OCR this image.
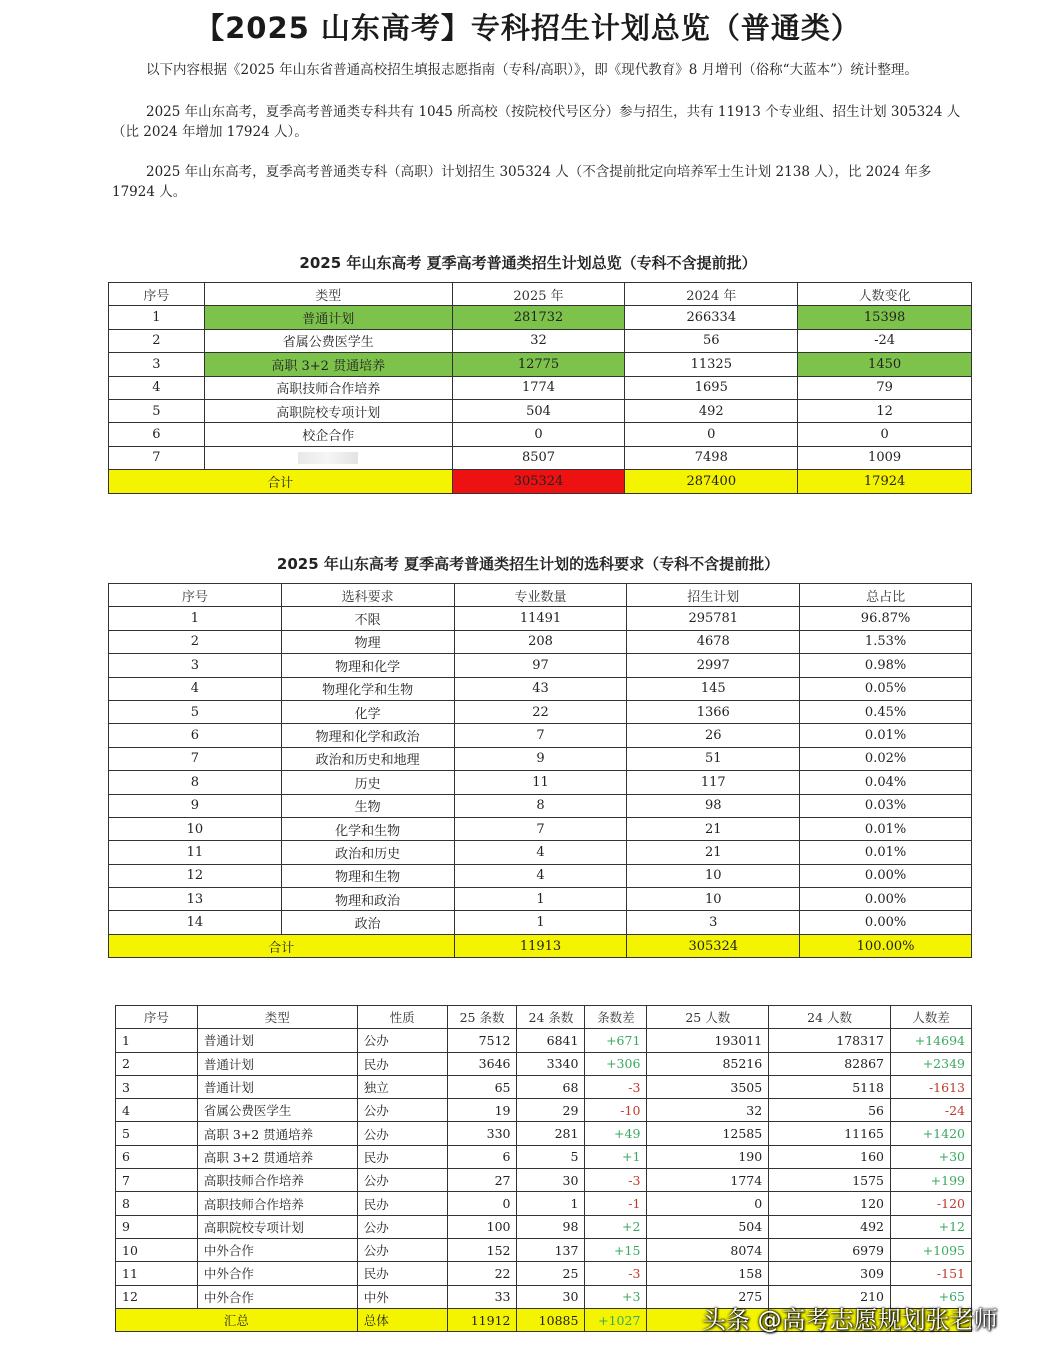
【2025 山东高考】专科招生计划总览（普通类）
以下内容根据《2025 年山东省普通高校招生填报志愿指南（专科/高职）》，即《现代教育》8 月增刊（俗称“大蓝本”）统计整理。
2025 年山东高考，夏季高考普通类专科共有 1045 所高校（按院校代号区分）参与招生，共有 11913 个专业组、招生计划 305324 人（比 2024 年增加 17924 人）。
2025 年山东高考，夏季高考普通类专科（高职）计划招生 305324 人（不含提前批定向培养军士生计划 2138 人），比 2024 年多 17924 人。
2025 年山东高考 夏季高考普通类招生计划总览（专科不含提前批）
序号	类型	2025 年	2024 年	人数变化
1	普通计划	281732	266334	15398
2	省属公费医学生	32	56	-24
3	高职 3+2 贯通培养	12775	11325	1450
4	高职技师合作培养	1774	1695	79
5	高职院校专项计划	504	492	12
6	校企合作	0	0	0
7		8507	7498	1009
合计		305324	287400	17924
2025 年山东高考 夏季高考普通类招生计划的选科要求（专科不含提前批）
序号	选科要求	专业数量	招生计划	总占比
1	不限	11491	295781	96.87%
2	物理	208	4678	1.53%
3	物理和化学	97	2997	0.98%
4	物理化学和生物	43	145	0.05%
5	化学	22	1366	0.45%
6	物理和化学和政治	7	26	0.01%
7	政治和历史和地理	9	51	0.02%
8	历史	11	117	0.04%
9	生物	8	98	0.03%
10	化学和生物	7	21	0.01%
11	政治和历史	4	21	0.01%
12	物理和生物	4	10	0.00%
13	物理和政治	1	10	0.00%
14	政治	1	3	0.00%
合计		11913	305324	100.00%
序号	类型	性质	25 条数	24 条数	条数差	25 人数	24 人数	人数差
1	普通计划	公办	7512	6841	+671	193011	178317	+14694
2	普通计划	民办	3646	3340	+306	85216	82867	+2349
3	普通计划	独立	65	68	-3	3505	5118	-1613
4	省属公费医学生	公办	19	29	-10	32	56	-24
5	高职 3+2 贯通培养	公办	330	281	+49	12585	11165	+1420
6	高职 3+2 贯通培养	民办	6	5	+1	190	160	+30
7	高职技师合作培养	公办	27	30	-3	1774	1575	+199
8	高职技师合作培养	民办	0	1	-1	0	120	-120
9	高职院校专项计划	公办	100	98	+2	504	492	+12
10	中外合作	公办	152	137	+15	8074	6979	+1095
11	中外合作	民办	22	25	-3	158	309	-151
12	中外合作	中外	33	30	+3	275	210	+65
汇总		总体	11912	10885	+1027				头条 @高考志愿规划张老师
